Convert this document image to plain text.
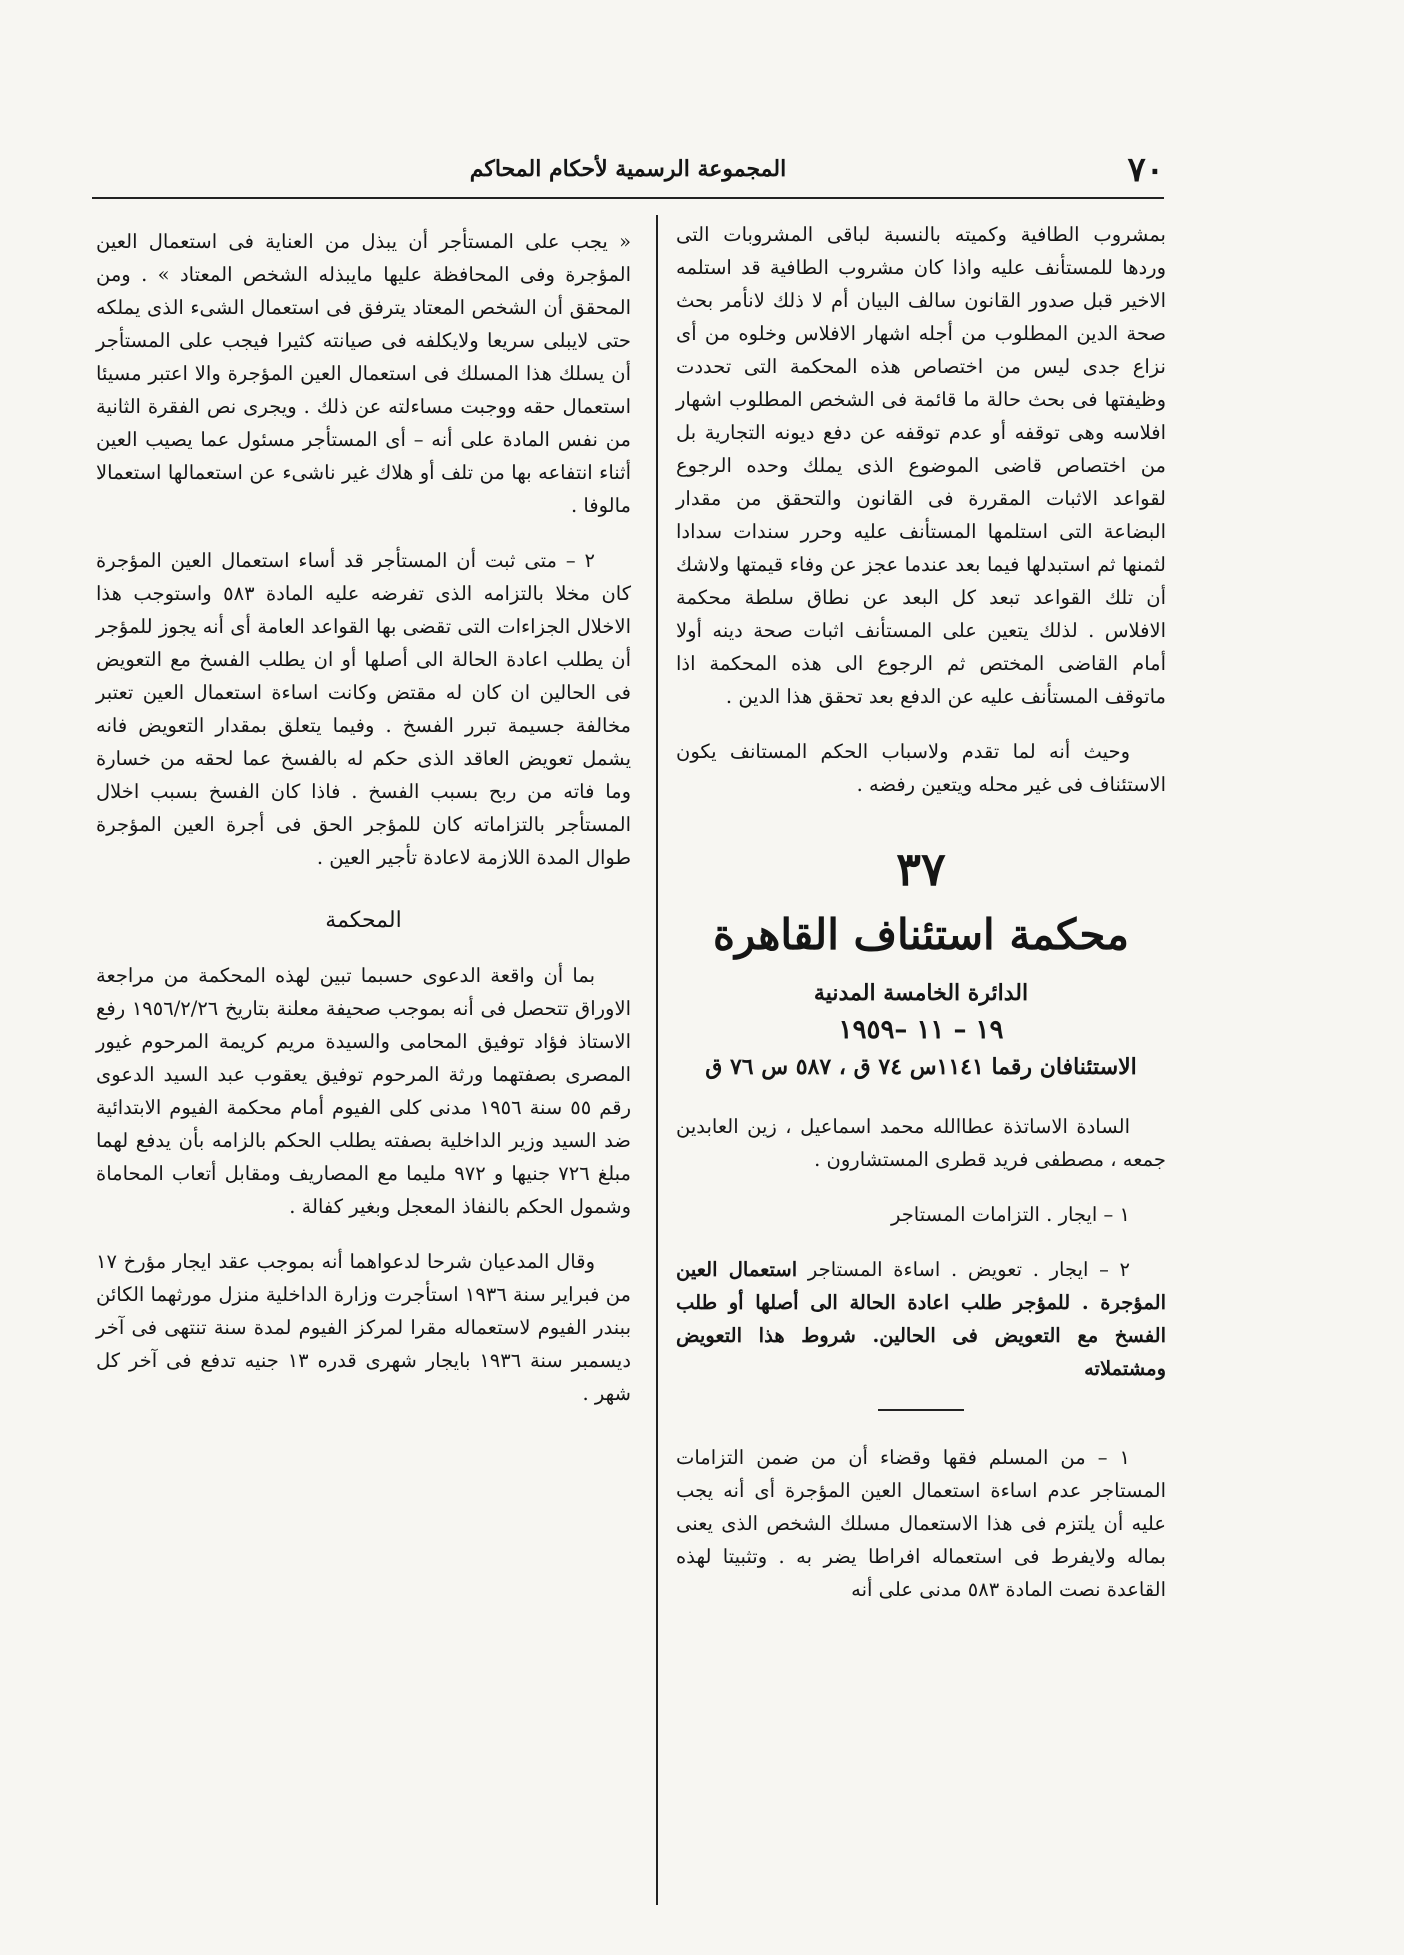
٧٠
المجموعة الرسمية لأحكام المحاكم

بمشروب الطافية وكميته بالنسبة لباقى المشروبات التى وردها للمستأنف عليه واذا كان مشروب الطافية قد استلمه الاخير قبل صدور القانون سالف البيان أم لا ذلك لانأمر بحث صحة الدين المطلوب من أجله اشهار الافلاس وخلوه من أى نزاع جدى ليس من اختصاص هذه المحكمة التى تحددت وظيفتها فى بحث حالة ما قائمة فى الشخص المطلوب اشهار افلاسه وهى توقفه أو عدم توقفه عن دفع ديونه التجارية بل من اختصاص قاضى الموضوع الذى يملك وحده الرجوع لقواعد الاثبات المقررة فى القانون والتحقق من مقدار البضاعة التى استلمها المستأنف عليه وحرر سندات سدادا لثمنها ثم استبدلها فيما بعد عندما عجز عن وفاء قيمتها ولاشك أن تلك القواعد تبعد كل البعد عن نطاق سلطة محكمة الافلاس . لذلك يتعين على المستأنف اثبات صحة دينه أولا أمام القاضى المختص ثم الرجوع الى هذه المحكمة اذا ماتوقف المستأنف عليه عن الدفع بعد تحقق هذا الدين .

وحيث أنه لما تقدم ولاسباب الحكم المستانف يكون الاستئناف فى غير محله ويتعين رفضه .

٣٧
محكمة استئناف القاهرة
الدائرة الخامسة المدنية
١٩ – ١١ –١٩٥٩
الاستئنافان رقما ١١٤١س ٧٤ ق ، ٥٨٧ س ٧٦ ق

السادة الاساتذة عطاالله محمد اسماعيل ، زين العابدين جمعه ، مصطفى فريد قطرى المستشارون .

١ – ايجار . التزامات المستاجر

٢ – ايجار . تعويض . اساءة المستاجر استعمال العين المؤجرة . للمؤجر طلب اعادة الحالة الى أصلها أو طلب الفسخ مع التعويض فى الحالين. شروط هذا التعويض ومشتملاته

١ – من المسلم فقها وقضاء أن من ضمن التزامات المستاجر عدم اساءة استعمال العين المؤجرة أى أنه يجب عليه أن يلتزم فى هذا الاستعمال مسلك الشخص الذى يعنى بماله ولايفرط فى استعماله افراطا يضر به . وتثبيتا لهذه القاعدة نصت المادة ٥٨٣ مدنى على أنه

« يجب على المستأجر أن يبذل من العناية فى استعمال العين المؤجرة وفى المحافظة عليها مايبذله الشخص المعتاد » . ومن المحقق أن الشخص المعتاد يترفق فى استعمال الشىء الذى يملكه حتى لايبلى سريعا ولايكلفه فى صيانته كثيرا فيجب على المستأجر أن يسلك هذا المسلك فى استعمال العين المؤجرة والا اعتبر مسيئا استعمال حقه ووجبت مساءلته عن ذلك . ويجرى نص الفقرة الثانية من نفس المادة على أنه – أى المستأجر مسئول عما يصيب العين أثناء انتفاعه بها من تلف أو هلاك غير ناشىء عن استعمالها استعمالا مالوفا .

٢ – متى ثبت أن المستأجر قد أساء استعمال العين المؤجرة كان مخلا بالتزامه الذى تفرضه عليه المادة ٥٨٣ واستوجب هذا الاخلال الجزاءات التى تقضى بها القواعد العامة أى أنه يجوز للمؤجر أن يطلب اعادة الحالة الى أصلها أو ان يطلب الفسخ مع التعويض فى الحالين ان كان له مقتض وكانت اساءة استعمال العين تعتبر مخالفة جسيمة تبرر الفسخ . وفيما يتعلق بمقدار التعويض فانه يشمل تعويض العاقد الذى حكم له بالفسخ عما لحقه من خسارة وما فاته من ربح بسبب الفسخ . فاذا كان الفسخ بسبب اخلال المستأجر بالتزاماته كان للمؤجر الحق فى أجرة العين المؤجرة طوال المدة اللازمة لاعادة تأجير العين .

المحكمة

بما أن واقعة الدعوى حسبما تبين لهذه المحكمة من مراجعة الاوراق تتحصل فى أنه بموجب صحيفة معلنة بتاريخ ١٩٥٦/٢/٢٦ رفع الاستاذ فؤاد توفيق المحامى والسيدة مريم كريمة المرحوم غيور المصرى بصفتهما ورثة المرحوم توفيق يعقوب عبد السيد الدعوى رقم ٥٥ سنة ١٩٥٦ مدنى كلى الفيوم أمام محكمة الفيوم الابتدائية ضد السيد وزير الداخلية بصفته يطلب الحكم بالزامه بأن يدفع لهما مبلغ ٧٢٦ جنيها و ٩٧٢ مليما مع المصاريف ومقابل أتعاب المحاماة وشمول الحكم بالنفاذ المعجل وبغير كفالة .

وقال المدعيان شرحا لدعواهما أنه بموجب عقد ايجار مؤرخ ١٧ من فبراير سنة ١٩٣٦ استأجرت وزارة الداخلية منزل مورثهما الكائن ببندر الفيوم لاستعماله مقرا لمركز الفيوم لمدة سنة تنتهى فى آخر ديسمبر سنة ١٩٣٦ بايجار شهرى قدره ١٣ جنيه تدفع فى آخر كل شهر .
